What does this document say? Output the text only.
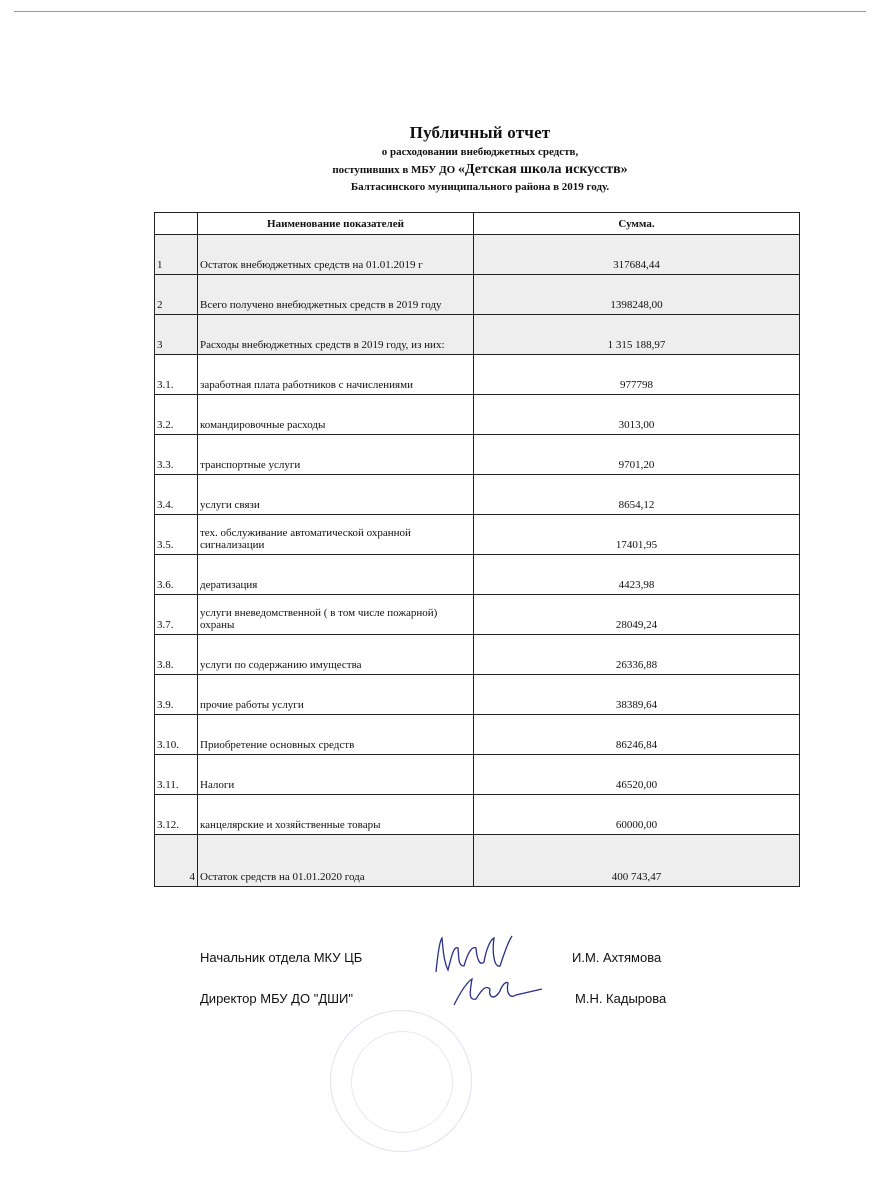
Публичный отчет
о расходовании внебюджетных средств,
поступивших в МБУ ДО «Детская школа искусств»
Балтасинского муниципального района в 2019 году.
	Наименование показателей	Сумма.
1	Остаток внебюджетных средств на 01.01.2019 г	317684,44
2	Всего получено внебюджетных средств в 2019 году	1398248,00
3	Расходы внебюджетных средств в 2019 году, из них:	1 315 188,97
3.1.	заработная плата работников с начислениями	977798
3.2.	командировочные расходы	3013,00
3.3.	транспортные услуги	9701,20
3.4.	услуги связи	8654,12
3.5.	тех. обслуживание автоматической охранной сигнализации	17401,95
3.6.	дератизация	4423,98
3.7.	услуги вневедомственной ( в том числе пожарной) охраны	28049,24
3.8.	услуги по содержанию имущества	26336,88
3.9.	прочие работы услуги	38389,64
3.10.	Приобретение основных средств	86246,84
3.11.	Налоги	46520,00
3.12.	канцелярские и хозяйственные товары	60000,00
4	Остаток средств на 01.01.2020 года	400 743,47
Начальник отдела МКУ ЦБ	И.М. Ахтямова
Директор МБУ ДО "ДШИ"	М.Н. Кадырова
